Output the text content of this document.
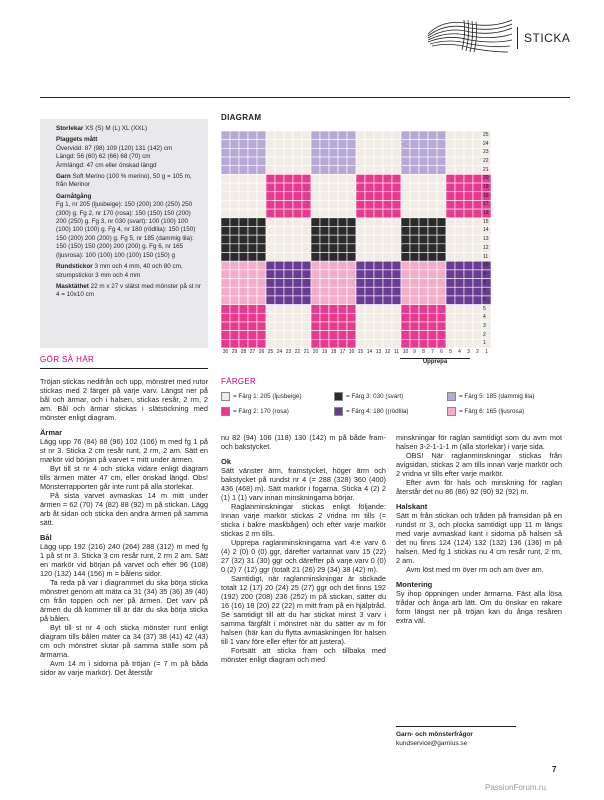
STICKA

Storlekar XS (S) M (L) XL (XXL)

Plaggets mått
Övervidd: 87 (98) 109 (120) 131 (142) cm
Längd: 56 (60) 62 (66) 68 (70) cm
Ärmlängd: 47 cm eller önskad längd

Garn Soft Merino (100 % merino), 50 g = 105 m, från Merinor

Garnåtgång
Fg 1, nr 205 (ljusbeige): 150 (200) 200 (250) 250 (300) g. Fg 2, nr 170 (rosa): 150 (150) 150 (200) 200 (250) g. Fg 3, nr 030 (svart): 100 (100) 100 (100) 100 (100) g. Fg 4, nr 180 (rödlila): 150 (150) 150 (200) 200 (200) g. Fg 5, nr 185 (dammig lila): 150 (150) 150 (200) 200 (200) g. Fg 6, nr 165 (ljusrosa): 100 (100) 100 (100) 150 (150) g

Rundstickor 3 mm och 4 mm, 40 och 80 cm, strumpstickor 3 mm och 4 mm

Masktäthet 22 m x 27 v slätst med mönster på st nr 4 = 10x10 cm

DIAGRAM
25
24
23
22
21
20
19
18
17
16
15
14
13
12
11
10
9
8
7
6
5
4
3
2
1
30 29 28 27 26 25 24 23 22 21 20 19 18 17 16 15 14 13 12 11 10 9	8	7	6	5	4	3	2	1
Upprepa
FÄRGER
= Färg 1: 205 (ljusbeige)	= Färg 3: 030 (svart)	= Färg 5: 185 (dammig lila)
= Färg 2: 170 (rosa)	= Färg 4: 180 ((rödlila)	= Färg 6: 165 (ljusrosa)
GÖR SÅ HÄR

Tröjan stickas nedifrån och upp, mönstret med rutor stickas med 2 färger på varje varv. Längst ner på bål och ärmar, och i halsen, stickas resår, 2 rm, 2 am. Bål och ärmar stickas i slätstickning med mönster enligt diagram.

Ärmar

Lägg upp 76 (84) 88 (96) 102 (106) m med fg 1 på st nr 3. Sticka 2 cm resår runt, 2 rm, 2 am. Sätt en markör vid början på varvet = mitt under ärmen.

Byt till st nr 4 och sticka vidare enligt diagram tills ärmen mäter 47 cm, eller önskad längd. Obs! Mönsterrapporten går inte runt på alla storlekar.

På sista varvet avmaskas 14 m mitt under ärmen = 62 (70) 74 (82) 88 (92) m på stickan. Lägg arb åt sidan och sticka den andra ärmen på samma sätt.

Bål

Lägg upp 192 (216) 240 (264) 288 (312) m med fg 1 på st nr 3. Sticka 3 cm resår runt, 2 rm 2 am. Sätt en markör vid början på varvet och efter 96 (108) 120 (132) 144 (156) m = bålens sidor.

Ta reda på var i diagrammet du ska börja sticka mönstret genom att mäta ca 31 (34) 35 (36) 39 (40) cm från toppen och ner på ärmen. Det varv på ärmen du då kommer till är där du ska börja sticka på bålen.

Byt till st nr 4 och sticka mönster runt enligt diagram tills bålen mäter ca 34 (37) 38 (41) 42 (43) cm och mönstret slutar på samma ställe som på ärmarna.

Avm 14 m i sidorna på tröjan (= 7 m på båda sidor av varje markör). Det återstår

nu 82 (94) 106 (118) 130 (142) m på både fram- och bakstycket.

Ok

Sätt vänster ärm, framstycket, höger ärm och bakstycket på rundst nr 4 (= 288 (328) 360 (400) 436 (468) m). Sätt markör i fogarna. Sticka 4 (2) 2 (1) 1 (1) varv innan minskningarna börjar.

Raglanminskningar stickas enligt följande: Innan varje markör stickas 2 vridna rm tills (= sticka i bakre maskbågen) och efter varje markör stickas 2 rm tills.

Upprepa raglanminskningarna vart 4:e varv 6 (4) 2 (0) 0 (0) ggr, därefter vartannat varv 15 (22) 27 (32) 31 (30) ggr och därefter på varje varv 0 (0) 0 (2) 7 (12) ggr (totalt 21 (26) 29 (34) 38 (42) m).

Samtidigt, när raglanminskningar är stickade totalt 12 (17) 20 (24) 25 (27) ggr och det finns 192 (192) 200 (208) 236 (252) m på stickan, sätter du 16 (16) 18 (20) 22 (22) m mitt fram på en hjälptråd. Se samtidigt till att du har stickat minst 3 varv i samma färgfält i mönstret när du sätter av m för halsen (här kan du flytta avmaskningen för halsen till 1 varv före eller efter för att justera).

Fortsätt att sticka fram och tillbaka med mönster enligt diagram och med

minskningar för raglan samtidigt som du avm mot halsen 3-2-1-1-1 m (alla storlekar) i varje sida.

OBS! När raglanminskningar stickas från avigsidan, stickas 2 am tills innan varje markör och 2 vridna vr tills efter varje markör.

Efter avm för hals och minskning för raglan återstår det nu 86 (86) 92 (90) 92 (92) m.

Halskant

Sätt m från stickan och tråden på framsidan på en rundst nr 3, och plocka samtidigt upp 11 m längs med varje avmaskad kant i sidorna på halsen så det nu finns 124 (124) 132 (132) 136 (136) m på halsen. Med fg 1 stickas nu 4 cm resår runt, 2 rm, 2 am.

Avm löst med rm över rm och am över am.

Montering

Sy ihop öppningen under ärmarna. Fäst alla lösa trådar och ånga arb lätt. Om du önskar en rakare form längst ner på tröjan kan du ånga resåren extra väl.

Garn- och mönsterfrågor
kundservice@garnius.se
7
PassionForum.ru
